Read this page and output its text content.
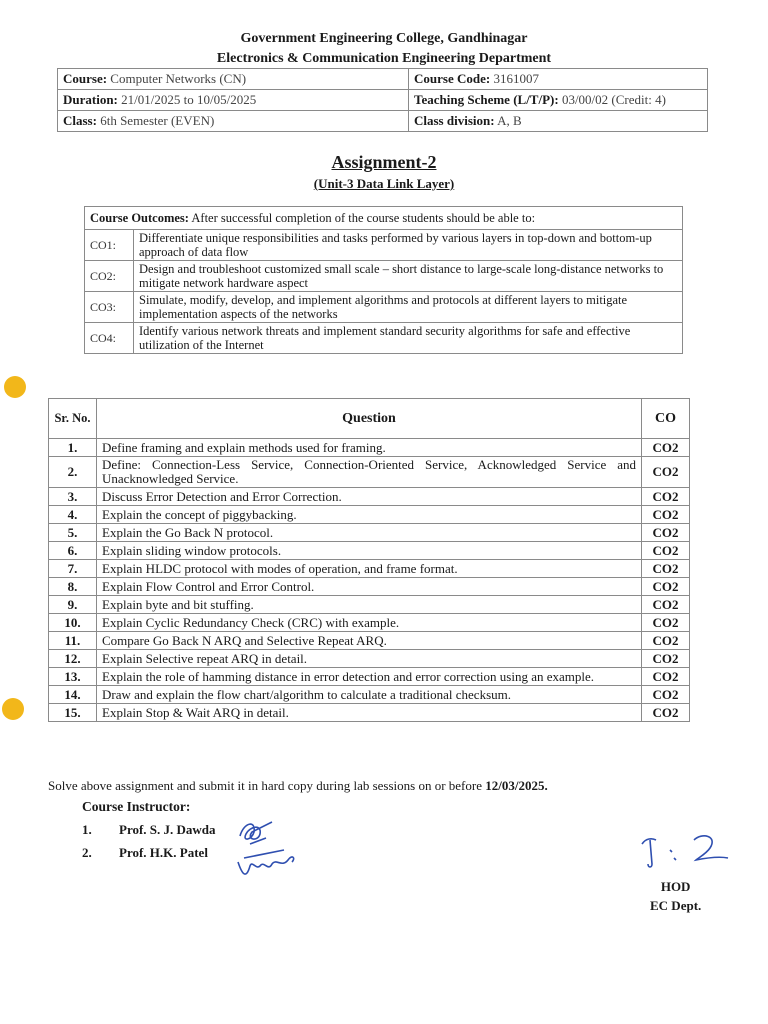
Government Engineering College, Gandhinagar
Electronics & Communication Engineering Department
Course: Computer Networks (CN)	Course Code: 3161007
Duration: 21/01/2025 to 10/05/2025	Teaching Scheme (L/T/P): 03/00/02 (Credit: 4)
Class: 6th Semester (EVEN)	Class division: A, B
Assignment-2
(Unit-3 Data Link Layer)
Course Outcomes: After successful completion of the course students should be able to:	
CO1:	Differentiate unique responsibilities and tasks performed by various layers in top-down and bottom-up approach of data flow
CO2:	Design and troubleshoot customized small scale – short distance to large-scale long-distance networks to mitigate network hardware aspect
CO3:	Simulate, modify, develop, and implement algorithms and protocols at different layers to mitigate implementation aspects of the networks
CO4:	Identify various network threats and implement standard security algorithms for safe and effective utilization of the Internet
Sr. No.	Question	CO
1.	Define framing and explain methods used for framing.	CO2
2.	Define: Connection-Less Service, Connection-Oriented Service, Acknowledged Service and Unacknowledged Service.	CO2
3.	Discuss Error Detection and Error Correction.	CO2
4.	Explain the concept of piggybacking.	CO2
5.	Explain the Go Back N protocol.	CO2
6.	Explain sliding window protocols.	CO2
7.	Explain HLDC protocol with modes of operation, and frame format.	CO2
8.	Explain Flow Control and Error Control.	CO2
9.	Explain byte and bit stuffing.	CO2
10.	Explain Cyclic Redundancy Check (CRC) with example.	CO2
11.	Compare Go Back N ARQ and Selective Repeat ARQ.	CO2
12.	Explain Selective repeat ARQ in detail.	CO2
13.	Explain the role of hamming distance in error detection and error correction using an example.	CO2
14.	Draw and explain the flow chart/algorithm to calculate a traditional checksum.	CO2
15.	Explain Stop & Wait ARQ in detail.	CO2
Solve above assignment and submit it in hard copy during lab sessions on or before 12/03/2025.
Course Instructor:
1. Prof. S. J. Dawda
2. Prof. H.K. Patel
HOD
EC Dept.
